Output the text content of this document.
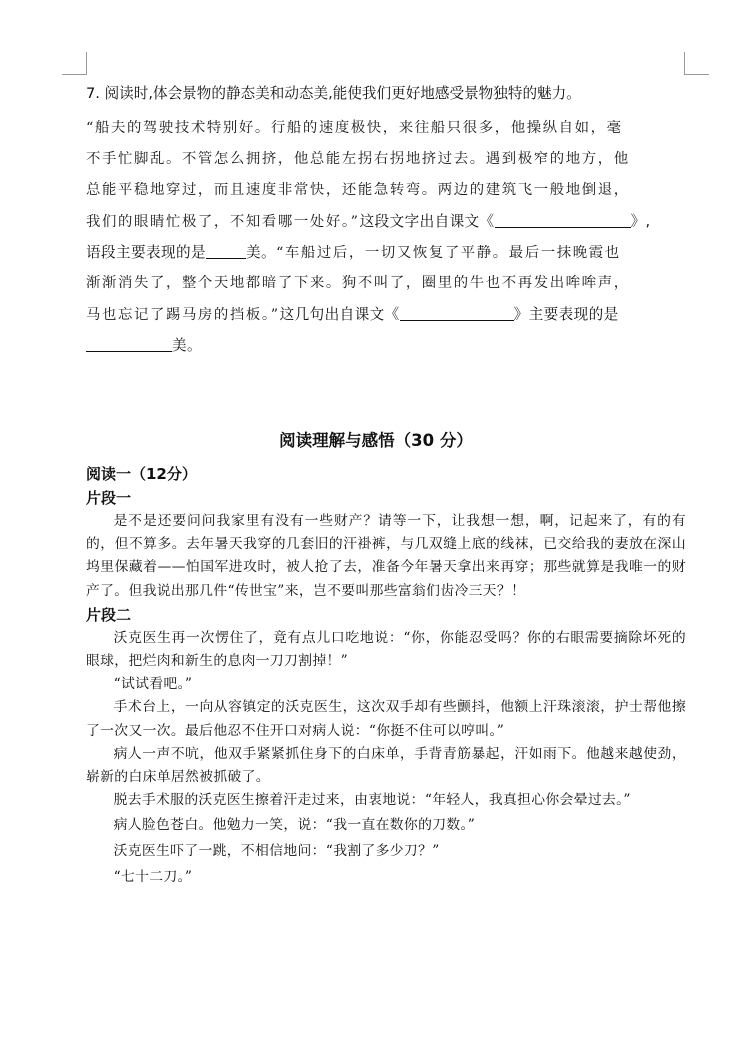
7. 阅读时,体会景物的静态美和动态美,能使我们更好地感受景物独特的魅力。

“船夫的驾驶技术特别好。行船的速度极快，来往船只很多，他操纵自如，毫

不手忙脚乱。不管怎么拥挤，他总能左拐右拐地挤过去。遇到极窄的地方，他

总能平稳地穿过，而且速度非常快，还能急转弯。两边的建筑飞一般地倒退，

我们的眼睛忙极了，不知看哪一处好。”这段文字出自课文《	》,

语段主要表现的是	美。“车船过后，一切又恢复了平静。最后一抹晚霞也

渐渐消失了，整个天地都暗了下来。狗不叫了，圈里的牛也不再发出哞哞声，

马也忘记了踢马房的挡板。”这几句出自课文《	》主要表现的是

美。

阅读理解与感悟（30 分）

阅读一（12分）

片段一

是不是还要问问我家里有没有一些财产？请等一下，让我想一想，啊，记起来了，有的有的，但不算多。去年暑天我穿的几套旧的汗褂裤，与几双缝上底的线袜，已交给我的妻放在深山坞里保藏着——怕国军进攻时，被人抢了去，准备今年暑天拿出来再穿；那些就算是我唯一的财产了。但我说出那几件“传世宝”来，岂不要叫那些富翁们齿冷三天？！

片段二

沃克医生再一次愣住了，竟有点儿口吃地说：“你，你能忍受吗？你的右眼需要摘除坏死的眼球，把烂肉和新生的息肉一刀刀割掉！”

“试试看吧。”

手术台上，一向从容镇定的沃克医生，这次双手却有些颤抖，他额上汗珠滚滚，护士帮他擦了一次又一次。最后他忍不住开口对病人说：“你挺不住可以哼叫。”

病人一声不吭，他双手紧紧抓住身下的白床单，手背青筋暴起，汗如雨下。他越来越使劲，崭新的白床单居然被抓破了。

脱去手术服的沃克医生擦着汗走过来，由衷地说：“年轻人，我真担心你会晕过去。”

病人脸色苍白。他勉力一笑，说：“我一直在数你的刀数。”

沃克医生吓了一跳，不相信地问：“我割了多少刀？”

“七十二刀。”
